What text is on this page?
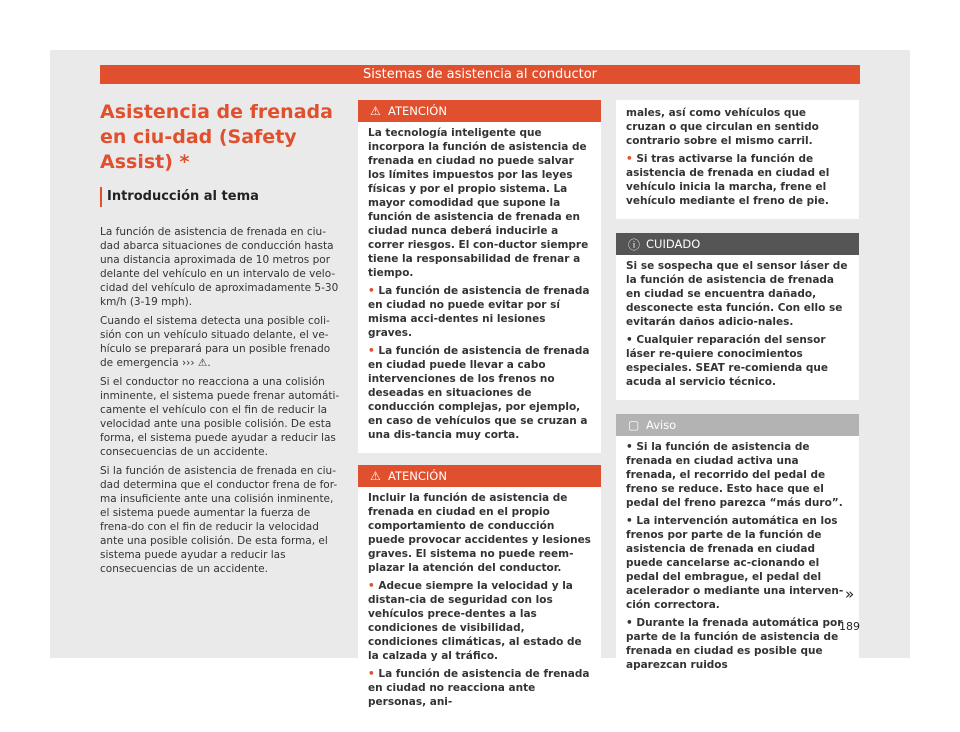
Sistemas de asistencia al conductor
Asistencia de frenada en ciu-dad (Safety Assist) *
Introducción al tema

La función de asistencia de frenada en ciu-dad abarca situaciones de conducción hasta una distancia aproximada de 10 metros por delante del vehículo en un intervalo de velo-cidad del vehículo de aproximadamente 5-30 km/h (3-19 mph).

Cuando el sistema detecta una posible coli-sión con un vehículo situado delante, el ve-hículo se preparará para un posible frenado de emergencia ››› ⚠.

Si el conductor no reacciona a una colisión inminente, el sistema puede frenar automáti-camente el vehículo con el fin de reducir la velocidad ante una posible colisión. De esta forma, el sistema puede ayudar a reducir las consecuencias de un accidente.

Si la función de asistencia de frenada en ciu-dad determina que el conductor frena de for-ma insuficiente ante una colisión inminente, el sistema puede aumentar la fuerza de frena-do con el fin de reducir la velocidad ante una posible colisión. De esta forma, el sistema puede ayudar a reducir las consecuencias de un accidente.

⚠ ATENCIÓN

La tecnología inteligente que incorpora la función de asistencia de frenada en ciudad no puede salvar los límites impuestos por las leyes físicas y por el propio sistema. La mayor comodidad que supone la función de asistencia de frenada en ciudad nunca deberá inducirle a correr riesgos. El con-ductor siempre tiene la responsabilidad de frenar a tiempo.

• La función de asistencia de frenada en ciudad no puede evitar por sí misma acci-dentes ni lesiones graves.

• La función de asistencia de frenada en ciudad puede llevar a cabo intervenciones de los frenos no deseadas en situaciones de conducción complejas, por ejemplo, en caso de vehículos que se cruzan a una dis-tancia muy corta.

⚠ ATENCIÓN

Incluir la función de asistencia de frenada en ciudad en el propio comportamiento de conducción puede provocar accidentes y lesiones graves. El sistema no puede reem-plazar la atención del conductor.

• Adecue siempre la velocidad y la distan-cia de seguridad con los vehículos prece-dentes a las condiciones de visibilidad, condiciones climáticas, al estado de la calzada y al tráfico.

• La función de asistencia de frenada en ciudad no reacciona ante personas, ani-

males, así como vehículos que cruzan o que circulan en sentido contrario sobre el mismo carril.

• Si tras activarse la función de asistencia de frenada en ciudad el vehículo inicia la marcha, frene el vehículo mediante el freno de pie.

ⓘ CUIDADO

Si se sospecha que el sensor láser de la función de asistencia de frenada en ciudad se encuentra dañado, desconecte esta función. Con ello se evitarán daños adicio-nales.

• Cualquier reparación del sensor láser re-quiere conocimientos especiales. SEAT re-comienda que acuda al servicio técnico.

▢ Aviso

• Si la función de asistencia de frenada en ciudad activa una frenada, el recorrido del pedal de freno se reduce. Esto hace que el pedal del freno parezca “más duro”.

• La intervención automática en los frenos por parte de la función de asistencia de frenada en ciudad puede cancelarse ac-cionando el pedal del embrague, el pedal del acelerador o mediante una interven-ción correctora.

• Durante la frenada automática por parte de la función de asistencia de frenada en ciudad es posible que aparezcan ruidos

»
189
